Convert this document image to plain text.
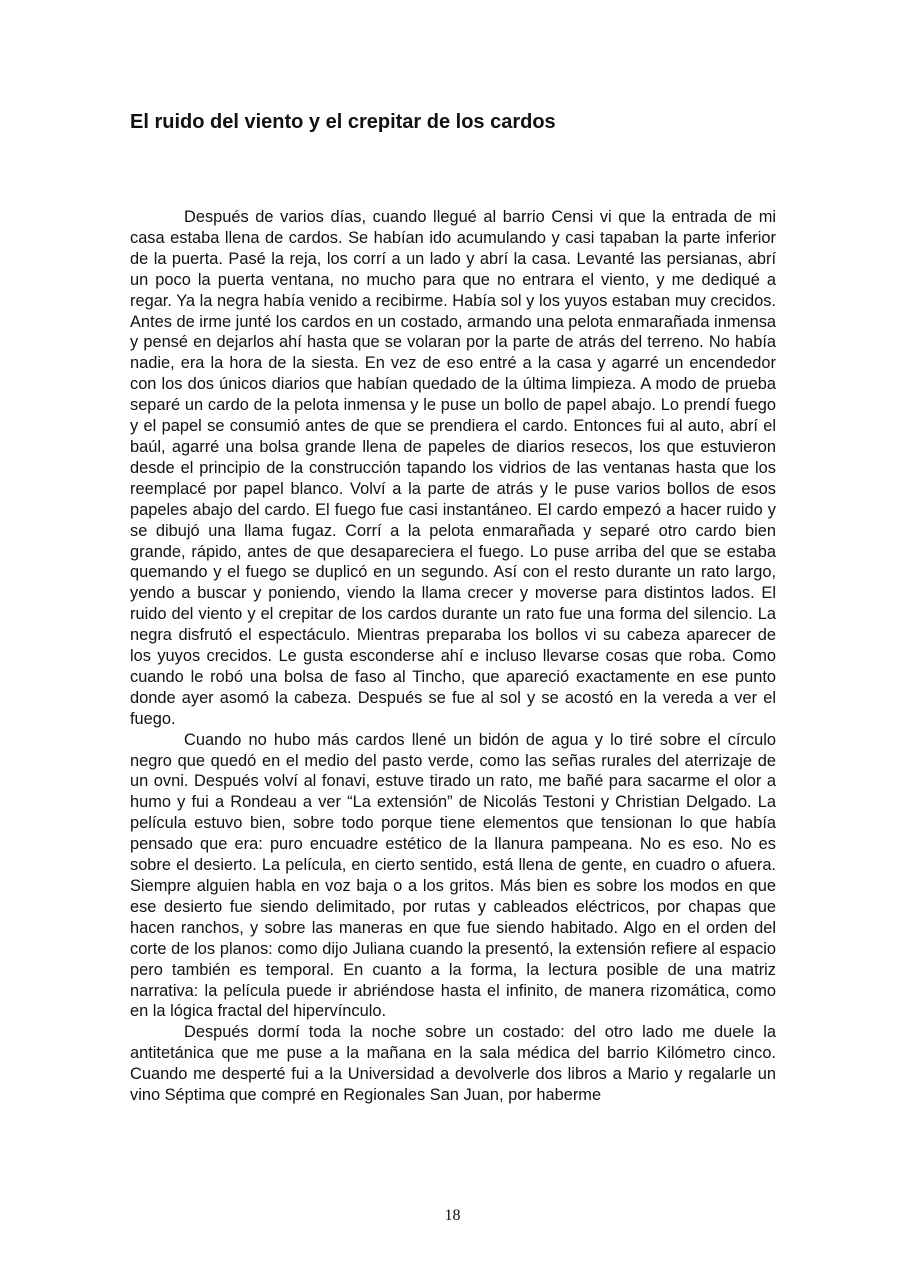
El ruido del viento y el crepitar de los cardos

Después de varios días, cuando llegué al barrio Censi vi que la entrada de mi casa estaba llena de cardos. Se habían ido acumulando y casi tapaban la parte inferior de la puerta. Pasé la reja, los corrí a un lado y abrí la casa. Levanté las persianas, abrí un poco la puerta ventana, no mucho para que no entrara el viento, y me dediqué a regar. Ya la negra había venido a recibirme. Había sol y los yuyos estaban muy crecidos. Antes de irme junté los cardos en un costado, armando una pelota enmarañada inmensa y pensé en dejarlos ahí hasta que se volaran por la parte de atrás del terreno. No había nadie, era la hora de la siesta. En vez de eso entré a la casa y agarré un encendedor con los dos únicos diarios que habían quedado de la última limpieza. A modo de prueba separé un cardo de la pelota inmensa y le puse un bollo de papel abajo. Lo prendí fuego y el papel se consumió antes de que se prendiera el cardo. Entonces fui al auto, abrí el baúl, agarré una bolsa grande llena de papeles de diarios resecos, los que estuvieron desde el principio de la construcción tapando los vidrios de las ventanas hasta que los reemplacé por papel blanco. Volví a la parte de atrás y le puse varios bollos de esos papeles abajo del cardo. El fuego fue casi instantáneo. El cardo empezó a hacer ruido y se dibujó una llama fugaz. Corrí a la pelota enmarañada y separé otro cardo bien grande, rápido, antes de que desapareciera el fuego. Lo puse arriba del que se estaba quemando y el fuego se duplicó en un segundo. Así con el resto durante un rato largo, yendo a buscar y poniendo, viendo la llama crecer y moverse para distintos lados. El ruido del viento y el crepitar de los cardos durante un rato fue una forma del silencio. La negra disfrutó el espectáculo. Mientras preparaba los bollos vi su cabeza aparecer de los yuyos crecidos. Le gusta esconderse ahí e incluso llevarse cosas que roba. Como cuando le robó una bolsa de faso al Tincho, que apareció exactamente en ese punto donde ayer asomó la cabeza. Después se fue al sol y se acostó en la vereda a ver el fuego.

Cuando no hubo más cardos llené un bidón de agua y lo tiré sobre el círculo negro que quedó en el medio del pasto verde, como las señas rurales del aterrizaje de un ovni. Después volví al fonavi, estuve tirado un rato, me bañé para sacarme el olor a humo y fui a Rondeau a ver “La extensión” de Nicolás Testoni y Christian Delgado. La película estuvo bien, sobre todo porque tiene elementos que tensionan lo que había pensado que era: puro encuadre estético de la llanura pampeana. No es eso. No es sobre el desierto. La película, en cierto sentido, está llena de gente, en cuadro o afuera. Siempre alguien habla en voz baja o a los gritos. Más bien es sobre los modos en que ese desierto fue siendo delimitado, por rutas y cableados eléctricos, por chapas que hacen ranchos, y sobre las maneras en que fue siendo habitado. Algo en el orden del corte de los planos: como dijo Juliana cuando la presentó, la extensión refiere al espacio pero también es temporal. En cuanto a la forma, la lectura posible de una matriz narrativa: la película puede ir abriéndose hasta el infinito, de manera rizomática, como en la lógica fractal del hipervínculo.

Después dormí toda la noche sobre un costado: del otro lado me duele la antitetánica que me puse a la mañana en la sala médica del barrio Kilómetro cinco. Cuando me desperté fui a la Universidad a devolverle dos libros a Mario y regalarle un vino Séptima que compré en Regionales San Juan, por haberme

18
